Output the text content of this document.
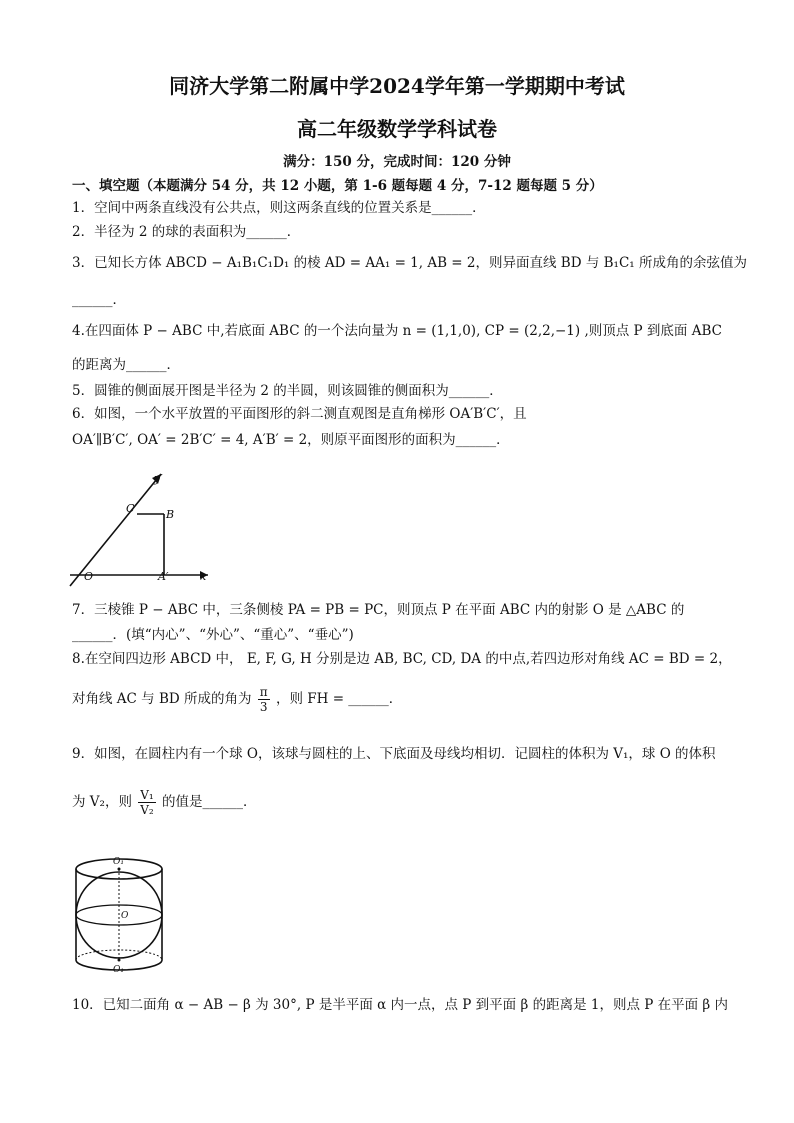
同济大学第二附属中学2024学年第一学期期中考试
高二年级数学学科试卷
满分：150 分，完成时间：120 分钟
一、填空题（本题满分 54 分，共 12 小题，第 1-6 题每题 4 分，7-12 题每题 5 分）
1．空间中两条直线没有公共点，则这两条直线的位置关系是______．
2．半径为 2 的球的表面积为______．
3．已知长方体 ABCD − A₁B₁C₁D₁ 的棱 AD = AA₁ = 1, AB = 2，则异面直线 BD 与 B₁C₁ 所成角的余弦值为
______．
4.在四面体 P − ABC 中,若底面 ABC 的一个法向量为 n = (1,1,0), CP = (2,2,−1) ,则顶点 P 到底面 ABC
的距离为______．
5．圆锥的侧面展开图是半径为 2 的半圆，则该圆锥的侧面积为______．
6．如图，一个水平放置的平面图形的斜二测直观图是直角梯形 OA′B′C′，且
OA′∥B′C′, OA′ = 2B′C′ = 4, A′B′ = 2，则原平面图形的面积为______．
y′
C′	B
O	A′	x
7．三棱锥 P − ABC 中，三条侧棱 PA = PB = PC，则顶点 P 在平面 ABC 内的射影 O 是 △ABC 的
______．(填“内心”、“外心”、“重心”、“垂心”)
8.在空间四边形 ABCD 中， E, F, G, H 分别是边 AB, BC, CD, DA 的中点,若四边形对角线 AC = BD = 2，
对角线 AC 与 BD 所成的角为 $\frac{\pi}{3}$ ，则 FH = ______．
9．如图，在圆柱内有一个球 O，该球与圆柱的上、下底面及母线均相切．记圆柱的体积为 V₁，球 O 的体积
为 V₂，则 $\frac{\text{V₁}}{\text{V₂}}$ 的值是______．
O₁
O
O₁
10．已知二面角 α − AB − β 为 30°, P 是半平面 α 内一点，点 P 到平面 β 的距离是 1，则点 P 在平面 β 内
